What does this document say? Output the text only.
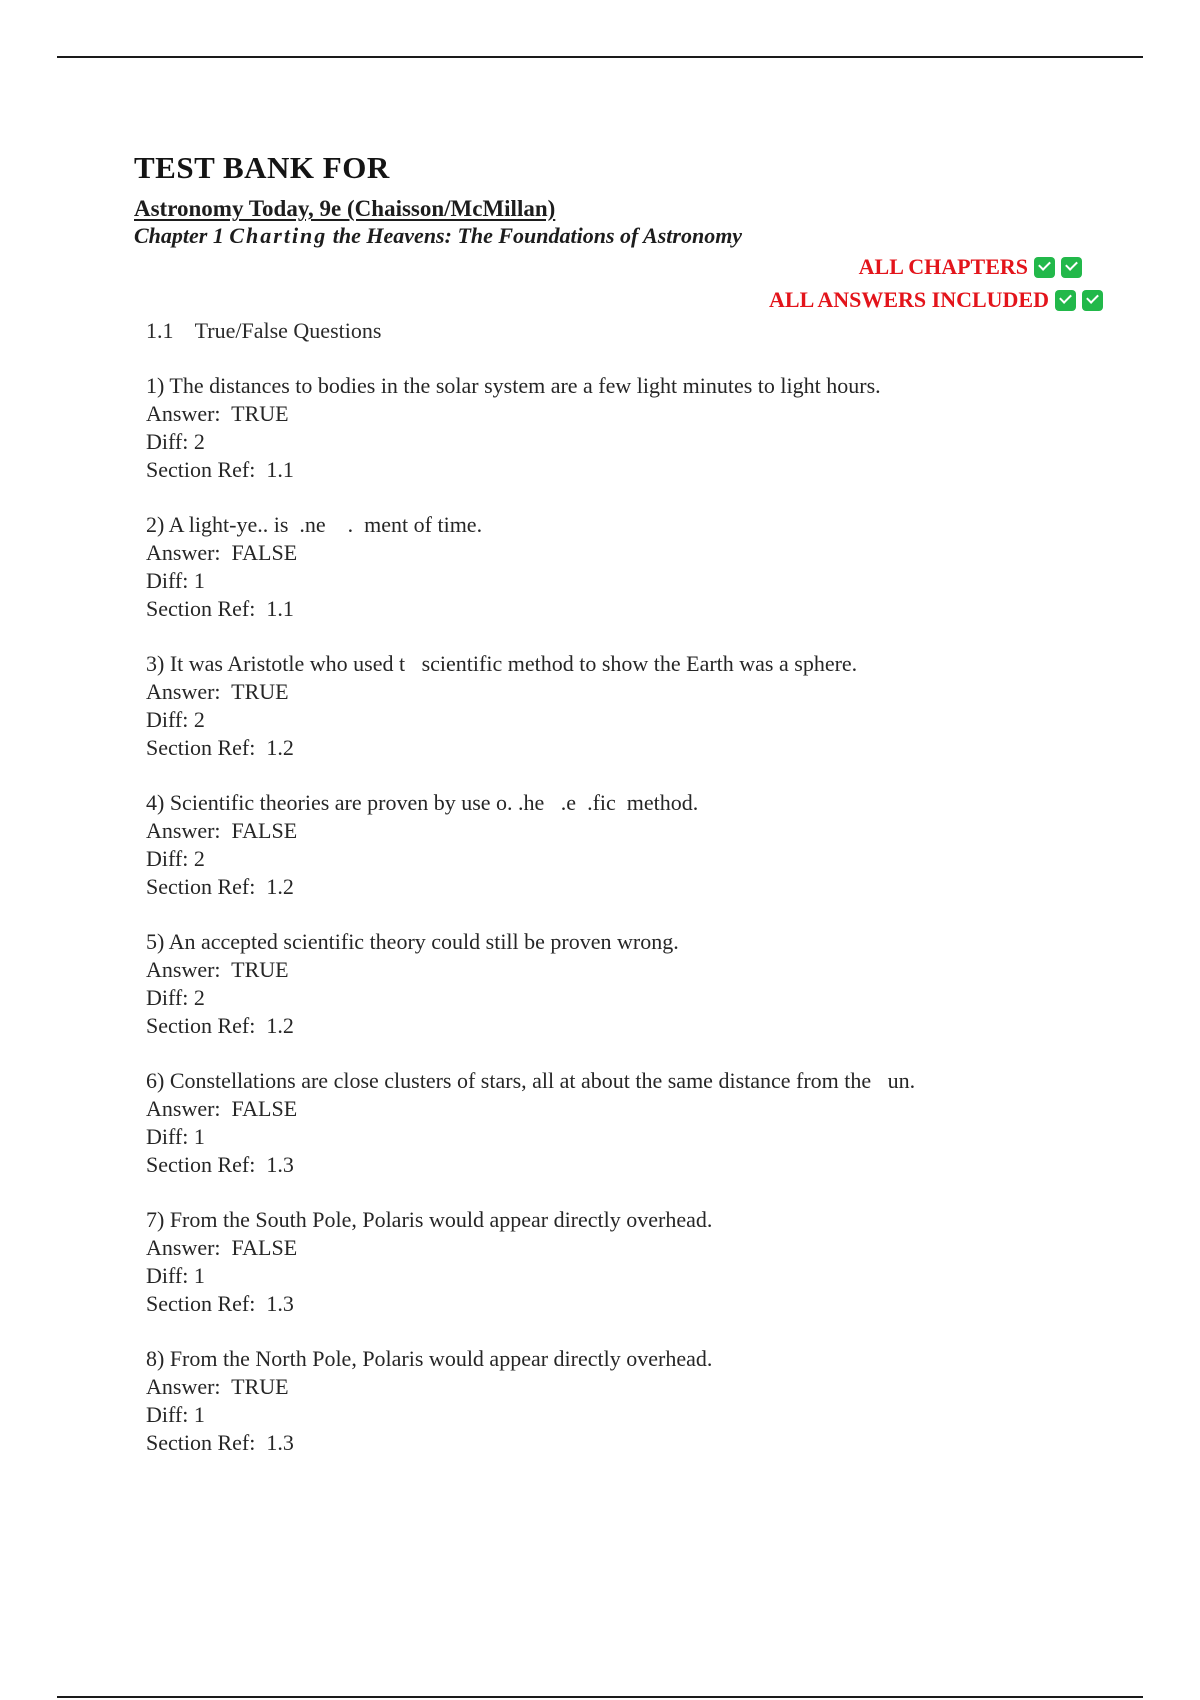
TEST BANK FOR
Astronomy Today, 9e (Chaisson/McMillan)
Chapter 1 Charting the Heavens: The Foundations of Astronomy
ALL CHAPTERS
ALL ANSWERS INCLUDED
1.1 True/False Questions
1) The distances to bodies in the solar system are a few light minutes to light hours.
Answer:  TRUE
Diff: 2
Section Ref:  1.1
2) A light-ye.. is  .ne    .  ment of time.
Answer:  FALSE
Diff: 1
Section Ref:  1.1
3) It was Aristotle who used t   scientific method to show the Earth was a sphere.
Answer:  TRUE
Diff: 2
Section Ref:  1.2
4) Scientific theories are proven by use o. .he   .e  .fic  method.
Answer:  FALSE
Diff: 2
Section Ref:  1.2
5) An accepted scientific theory could still be proven wrong.
Answer:  TRUE
Diff: 2
Section Ref:  1.2
6) Constellations are close clusters of stars, all at about the same distance from the   un.
Answer:  FALSE
Diff: 1
Section Ref:  1.3
7) From the South Pole, Polaris would appear directly overhead.
Answer:  FALSE
Diff: 1
Section Ref:  1.3
8) From the North Pole, Polaris would appear directly overhead.
Answer:  TRUE
Diff: 1
Section Ref:  1.3
